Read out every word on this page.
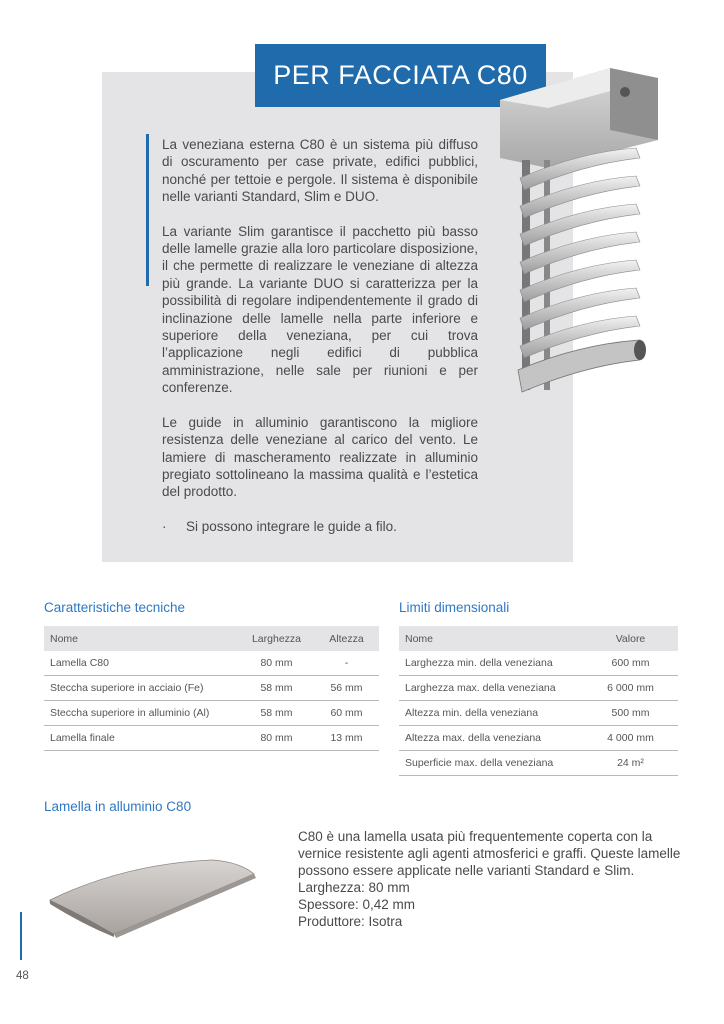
PER FACCIATA C80

La veneziana esterna C80 è un sistema più diffuso di oscuramento per case private, edifici pubblici, nonché per tettoie e pergole. Il sistema è disponibile nelle varianti Standard, Slim e DUO.

La variante Slim garantisce il pacchetto più basso delle lamelle grazie alla loro particolare disposizione, il che permette di realizzare le veneziane di altezza più grande. La variante DUO si caratterizza per la possibilità di regolare indipendentemente il grado di inclinazione delle lamelle nella parte inferiore e superiore della veneziana, per cui trova l’applicazione negli edifici di pubblica amministrazione, nelle sale per riunioni e per conferenze.

Le guide in alluminio garantiscono la migliore resistenza delle veneziane al carico del vento. Le lamiere di mascheramento realizzate in alluminio pregiato sottolineano la massima qualità e l’estetica del prodotto.

· Si possono integrare le guide a filo.

Caratteristiche tecniche
Nome	Larghezza	Altezza
Lamella C80	80 mm	-
Steccha superiore in acciaio (Fe)	58 mm	56 mm
Steccha superiore in alluminio (Al)	58 mm	60 mm
Lamella finale	80 mm	13 mm
Limiti dimensionali
Nome	Valore
Larghezza min. della veneziana	600 mm
Larghezza max. della veneziana	6 000 mm
Altezza min. della veneziana	500 mm
Altezza max. della veneziana	4 000 mm
Superficie max. della veneziana	24 m²
Lamella in alluminio C80
C80 è una lamella usata più frequentemente coperta con la vernice resistente agli agenti atmosferici e graffi. Queste lamelle possono essere applicate nelle varianti Standard e Slim.
Larghezza: 80 mm
Spessore: 0,42 mm
Produttore: Isotra
48
